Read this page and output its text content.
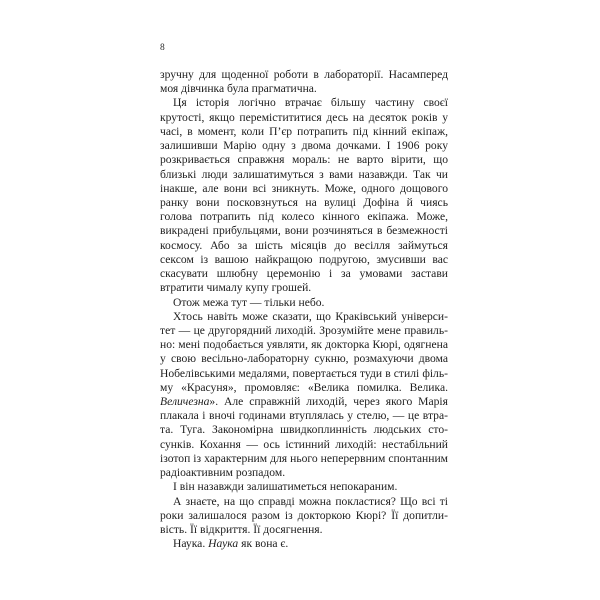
8

зручну для щоденної роботи в лабораторії. Насамперед моя дівчинка була прагматична.

Ця історія логічно втрачає більшу частину своєї крутості, якщо перемістититися десь на десяток років у часі, в момент, коли П’єр потрапить під кінний екіпаж, залишивши Марію одну з двома дочками. І 1906 року розкривається справжня мораль: не варто вірити, що близькі люди залишатимуться з вами назавжди. Так чи інакше, але вони всі зникнуть. Може, одного дощового ранку вони посковзнуться на вулиці Дофіна й чиясь голова потрапить під колесо кінного екіпажа. Може, викрадені прибульцями, вони розчиняться в безмежності космосу. Або за шість місяців до весілля займуться сексом із вашою найкращою подругою, змусивши вас скасувати шлюбну церемонію і за умовами застави втратити чималу купу грошей.

Отож межа тут — тільки небо.

Хтось навіть може сказати, що Краківський університет — це другорядний лиходій. Зрозумійте мене правильно: мені подобається уявляти, як докторка Кюрі, одягнена у свою весільно-лабораторну сукню, розмахуючи двома Нобелівськими медалями, повертається туди в стилі фільму «Красуня», промовляє: «Велика помилка. Велика. Величезна». Але справжній лиходій, через якого Марія плакала і вночі годинами втуплялась у стелю, — це втрата. Туга. Закономірна швидкоплинність людських стосунків. Кохання — ось істинний лиходій: нестабільний ізотоп із характерним для нього неперервним спонтанним радіоактивним розпадом.

І він назавжди залишатиметься непокараним.

А знаєте, на що справді можна покластися? Що всі ті роки залишалося разом із докторкою Кюрі? Її допитливість. Її відкриття. Її досягнення.

Наука. Наука як вона є.
